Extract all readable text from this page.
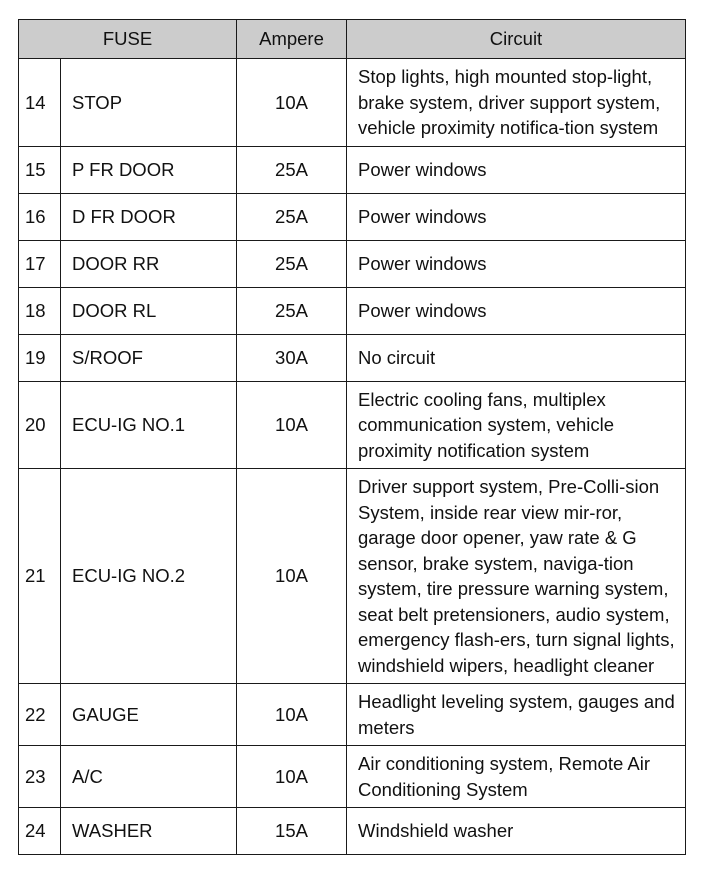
FUSE		Ampere	Circuit
14	STOP	10A	Stop lights, high mounted stop-light, brake system, driver support system, vehicle proximity notifica-tion system
15	P FR DOOR	25A	Power windows
16	D FR DOOR	25A	Power windows
17	DOOR RR	25A	Power windows
18	DOOR RL	25A	Power windows
19	S/ROOF	30A	No circuit
20	ECU-IG NO.1	10A	Electric cooling fans, multiplex communication system, vehicle proximity notification system
21	ECU-IG NO.2	10A	Driver support system, Pre-Colli-sion System, inside rear view mir-ror, garage door opener, yaw rate & G sensor, brake system, naviga-tion system, tire pressure warning system, seat belt pretensioners, audio system, emergency flash-ers, turn signal lights, windshield wipers, headlight cleaner
22	GAUGE	10A	Headlight leveling system, gauges and meters
23	A/C	10A	Air conditioning system, Remote Air Conditioning System
24	WASHER	15A	Windshield washer
